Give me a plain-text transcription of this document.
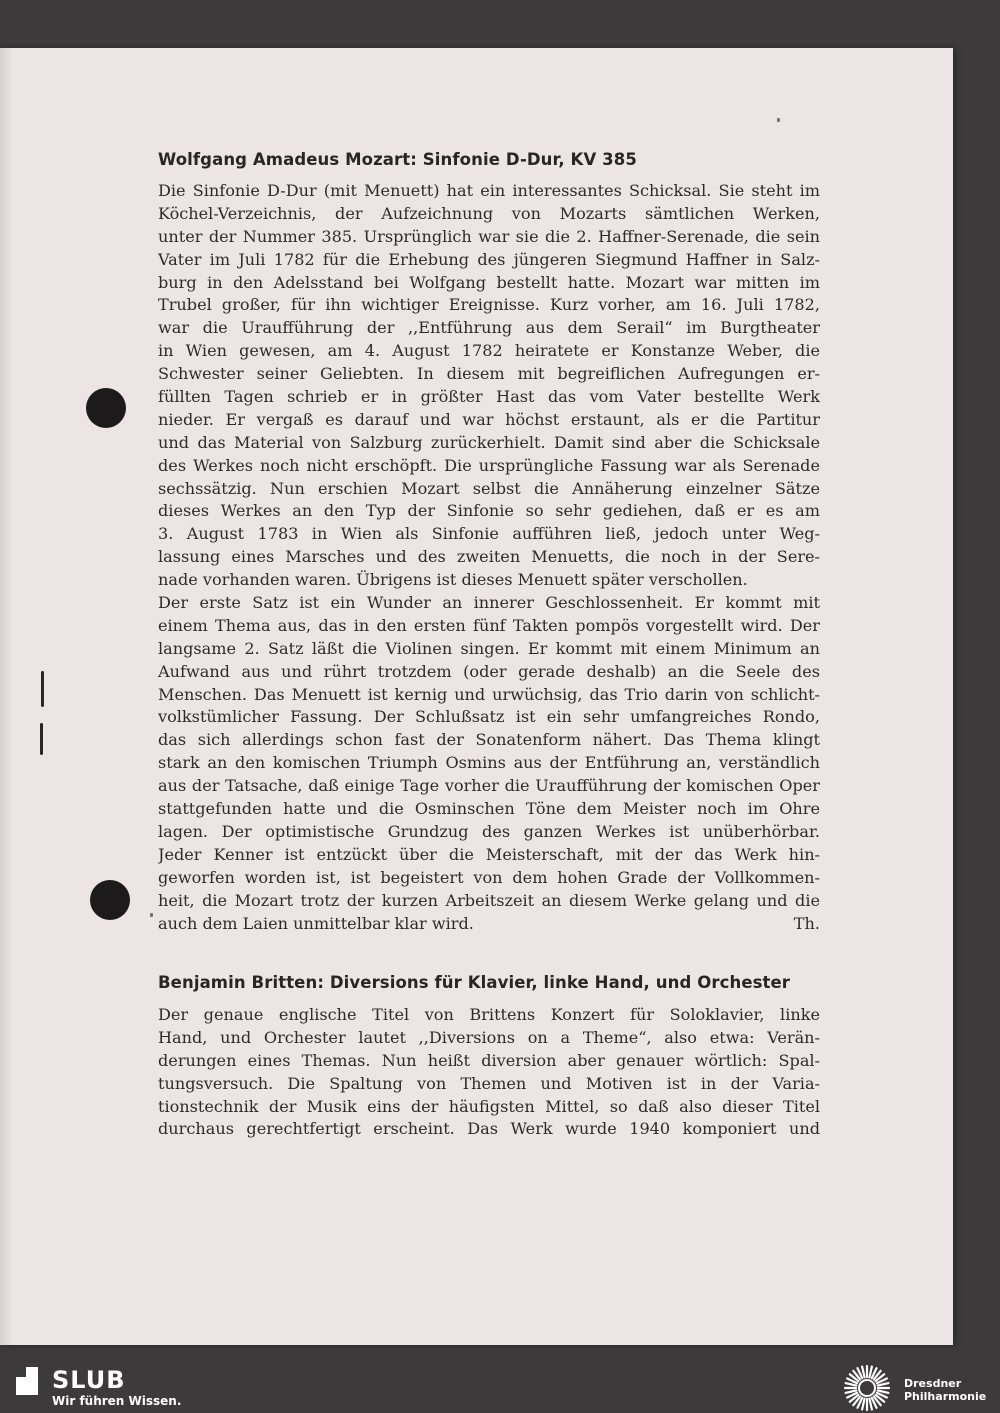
Wolfgang Amadeus Mozart: Sinfonie D-Dur, KV 385
Die Sinfonie D-Dur (mit Menuett) hat ein interessantes Schicksal. Sie steht im
Köchel-Verzeichnis, der Aufzeichnung von Mozarts sämtlichen Werken,
unter der Nummer 385. Ursprünglich war sie die 2. Haffner-Serenade, die sein
Vater im Juli 1782 für die Erhebung des jüngeren Siegmund Haffner in Salz-
burg in den Adelsstand bei Wolfgang bestellt hatte. Mozart war mitten im
Trubel großer, für ihn wichtiger Ereignisse. Kurz vorher, am 16. Juli 1782,
war die Uraufführung der ,,Entführung aus dem Serail“ im Burgtheater
in Wien gewesen, am 4. August 1782 heiratete er Konstanze Weber, die
Schwester seiner Geliebten. In diesem mit begreiflichen Aufregungen er-
füllten Tagen schrieb er in größter Hast das vom Vater bestellte Werk
nieder. Er vergaß es darauf und war höchst erstaunt, als er die Partitur
und das Material von Salzburg zurückerhielt. Damit sind aber die Schicksale
des Werkes noch nicht erschöpft. Die ursprüngliche Fassung war als Serenade
sechssätzig. Nun erschien Mozart selbst die Annäherung einzelner Sätze
dieses Werkes an den Typ der Sinfonie so sehr gediehen, daß er es am
3. August 1783 in Wien als Sinfonie aufführen ließ, jedoch unter Weg-
lassung eines Marsches und des zweiten Menuetts, die noch in der Sere-
nade vorhanden waren. Übrigens ist dieses Menuett später verschollen.
Der erste Satz ist ein Wunder an innerer Geschlossenheit. Er kommt mit
einem Thema aus, das in den ersten fünf Takten pompös vorgestellt wird. Der
langsame 2. Satz läßt die Violinen singen. Er kommt mit einem Minimum an
Aufwand aus und rührt trotzdem (oder gerade deshalb) an die Seele des
Menschen. Das Menuett ist kernig und urwüchsig, das Trio darin von schlicht-
volkstümlicher Fassung. Der Schlußsatz ist ein sehr umfangreiches Rondo,
das sich allerdings schon fast der Sonatenform nähert. Das Thema klingt
stark an den komischen Triumph Osmins aus der Entführung an, verständlich
aus der Tatsache, daß einige Tage vorher die Uraufführung der komischen Oper
stattgefunden hatte und die Osminschen Töne dem Meister noch im Ohre
lagen. Der optimistische Grundzug des ganzen Werkes ist unüberhörbar.
Jeder Kenner ist entzückt über die Meisterschaft, mit der das Werk hin-
geworfen worden ist, ist begeistert von dem hohen Grade der Vollkommen-
heit, die Mozart trotz der kurzen Arbeitszeit an diesem Werke gelang und die
auch dem Laien unmittelbar klar wird.	Th.
Benjamin Britten: Diversions für Klavier, linke Hand, und Orchester
Der genaue englische Titel von Brittens Konzert für Soloklavier, linke
Hand, und Orchester lautet ,,Diversions on a Theme“, also etwa: Verän-
derungen eines Themas. Nun heißt diversion aber genauer wörtlich: Spal-
tungsversuch. Die Spaltung von Themen und Motiven ist in der Varia-
tionstechnik der Musik eins der häufigsten Mittel, so daß also dieser Titel
durchaus gerechtfertigt erscheint. Das Werk wurde 1940 komponiert und
SLUB
Wir führen Wissen.
Dresdner
Philharmonie
